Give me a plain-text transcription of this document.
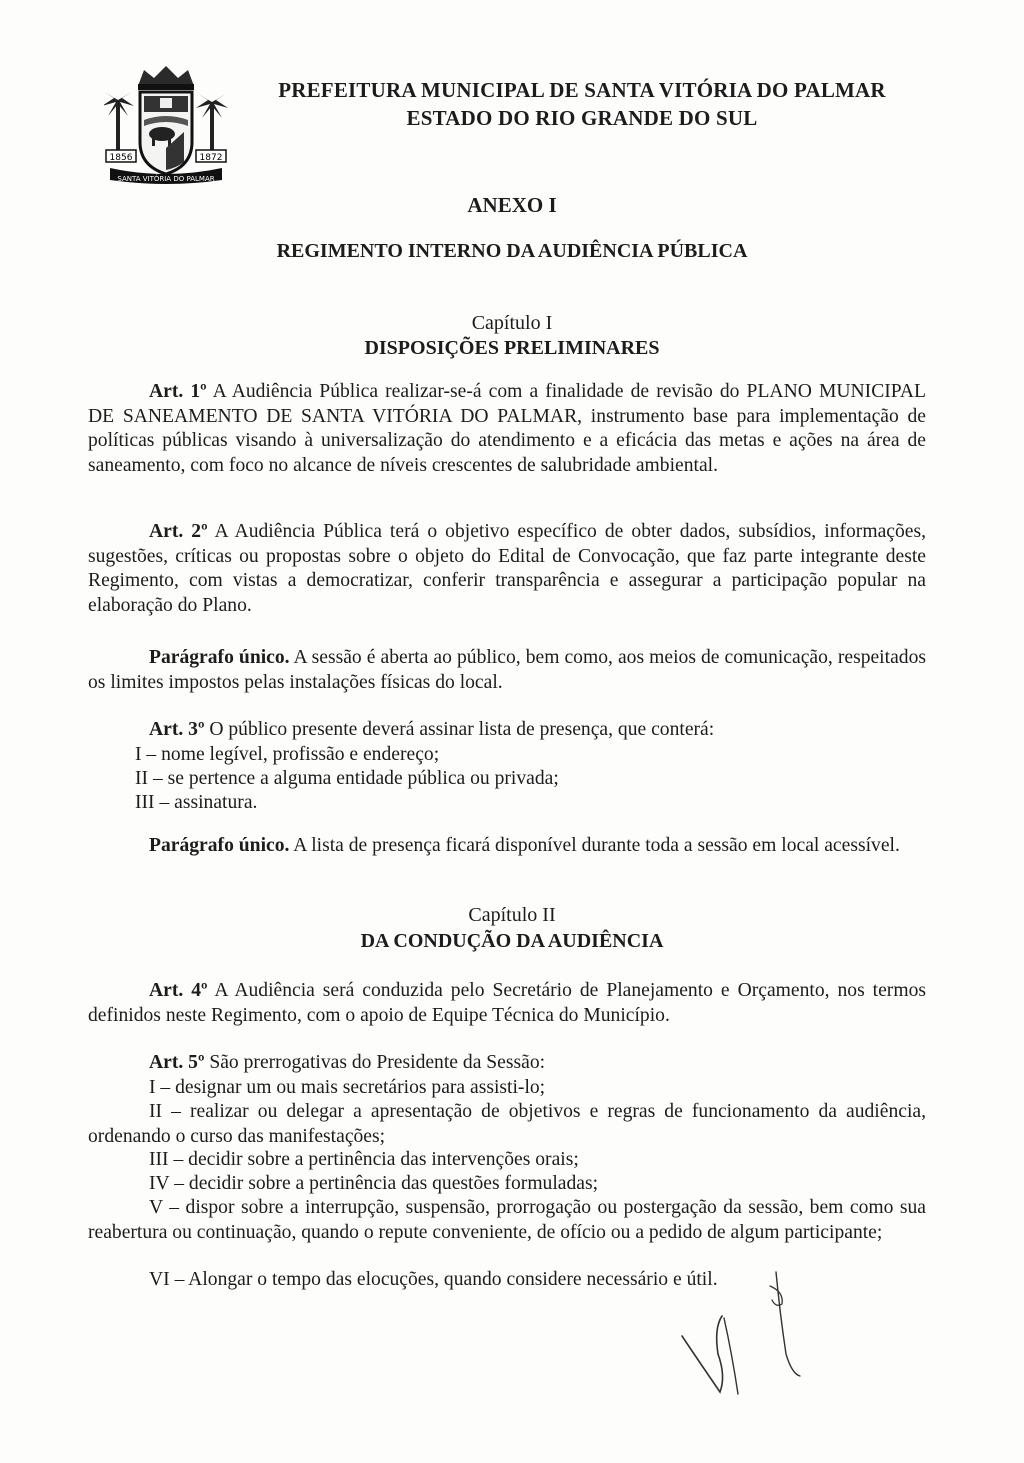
1856	1872
SANTA VITÓRIA DO PALMAR
PREFEITURA MUNICIPAL DE SANTA VITÓRIA DO PALMAR
ESTADO DO RIO GRANDE DO SUL
ANEXO I
REGIMENTO INTERNO DA AUDIÊNCIA PÚBLICA
Capítulo I
DISPOSIÇÕES PRELIMINARES
Art. 1º A Audiência Pública realizar-se-á com a finalidade de revisão do PLANO MUNICIPAL DE SANEAMENTO DE SANTA VITÓRIA DO PALMAR, instrumento base para implementação de políticas públicas visando à universalização do atendimento e a eficácia das metas e ações na área de saneamento, com foco no alcance de níveis crescentes de salubridade ambiental.
Art. 2º A Audiência Pública terá o objetivo específico de obter dados, subsídios, informações, sugestões, críticas ou propostas sobre o objeto do Edital de Convocação, que faz parte integrante deste Regimento, com vistas a democratizar, conferir transparência e assegurar a participação popular na elaboração do Plano.
Parágrafo único. A sessão é aberta ao público, bem como, aos meios de comunicação, respeitados os limites impostos pelas instalações físicas do local.
Art. 3º O público presente deverá assinar lista de presença, que conterá:
I – nome legível, profissão e endereço;
II – se pertence a alguma entidade pública ou privada;
III – assinatura.
Parágrafo único. A lista de presença ficará disponível durante toda a sessão em local acessível.
Capítulo II
DA CONDUÇÃO DA AUDIÊNCIA
Art. 4º A Audiência será conduzida pelo Secretário de Planejamento e Orçamento, nos termos definidos neste Regimento, com o apoio de Equipe Técnica do Município.
Art. 5º São prerrogativas do Presidente da Sessão:
I – designar um ou mais secretários para assisti-lo;
II – realizar ou delegar a apresentação de objetivos e regras de funcionamento da audiência, ordenando o curso das manifestações;
III – decidir sobre a pertinência das intervenções orais;
IV – decidir sobre a pertinência das questões formuladas;
V – dispor sobre a interrupção, suspensão, prorrogação ou postergação da sessão, bem como sua reabertura ou continuação, quando o repute conveniente, de ofício ou a pedido de algum participante;
VI – Alongar o tempo das elocuções, quando considere necessário e útil.
